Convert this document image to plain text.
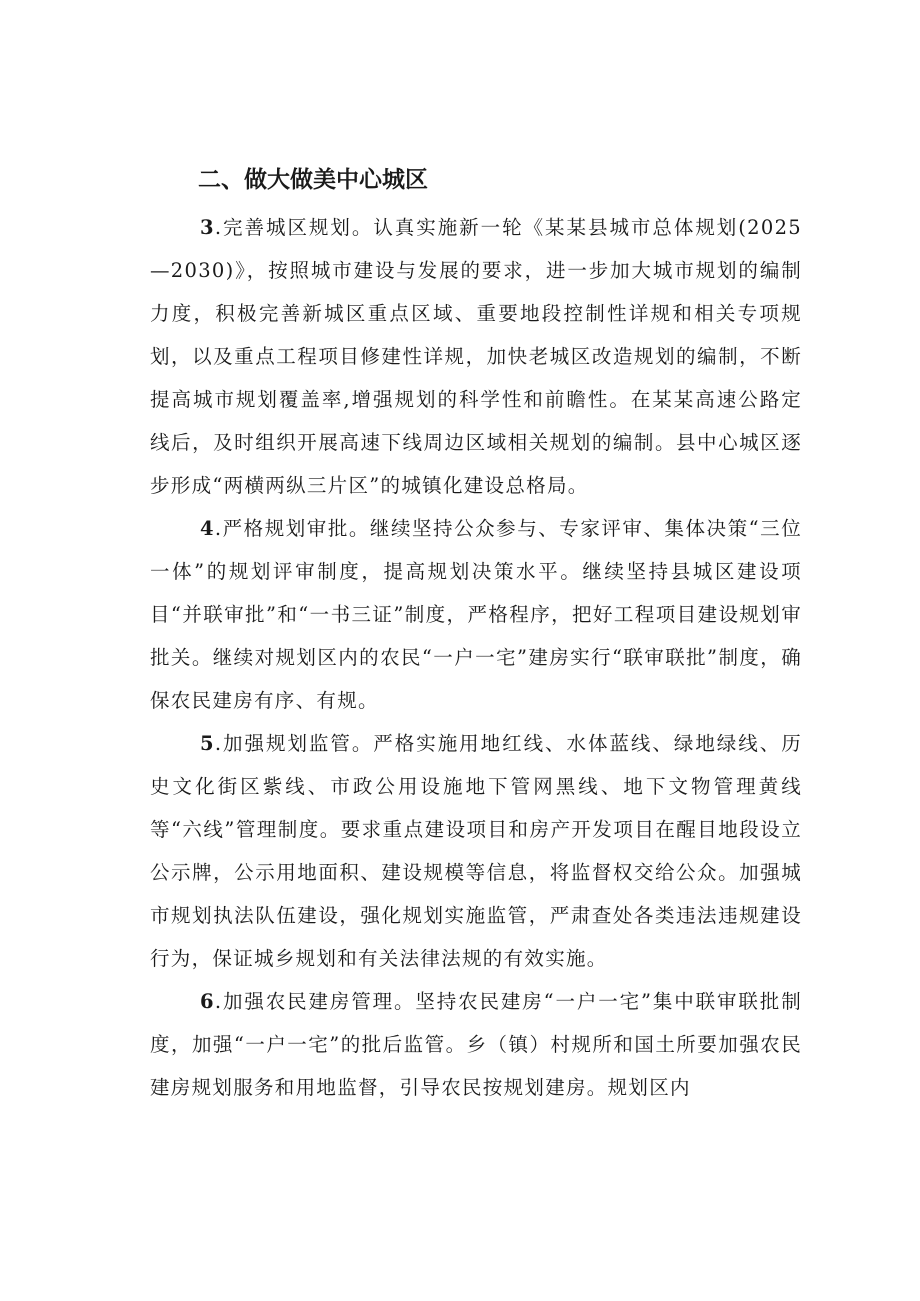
二、做大做美中心城区

3.完善城区规划。认真实施新一轮《某某县城市总体规划(2025—2030)》，按照城市建设与发展的要求，进一步加大城市规划的编制力度，积极完善新城区重点区域、重要地段控制性详规和相关专项规划，以及重点工程项目修建性详规，加快老城区改造规划的编制，不断提高城市规划覆盖率,增强规划的科学性和前瞻性。在某某高速公路定线后，及时组织开展高速下线周边区域相关规划的编制。县中心城区逐步形成“两横两纵三片区”的城镇化建设总格局。

4.严格规划审批。继续坚持公众参与、专家评审、集体决策“三位一体”的规划评审制度，提高规划决策水平。继续坚持县城区建设项目“并联审批”和“一书三证”制度，严格程序，把好工程项目建设规划审批关。继续对规划区内的农民“一户一宅”建房实行“联审联批”制度，确保农民建房有序、有规。

5.加强规划监管。严格实施用地红线、水体蓝线、绿地绿线、历史文化街区紫线、市政公用设施地下管网黑线、地下文物管理黄线等“六线”管理制度。要求重点建设项目和房产开发项目在醒目地段设立公示牌，公示用地面积、建设规模等信息，将监督权交给公众。加强城市规划执法队伍建设，强化规划实施监管，严肃查处各类违法违规建设行为，保证城乡规划和有关法律法规的有效实施。

6.加强农民建房管理。坚持农民建房“一户一宅”集中联审联批制度，加强“一户一宅”的批后监管。乡（镇）村规所和国土所要加强农民建房规划服务和用地监督，引导农民按规划建房。规划区内
